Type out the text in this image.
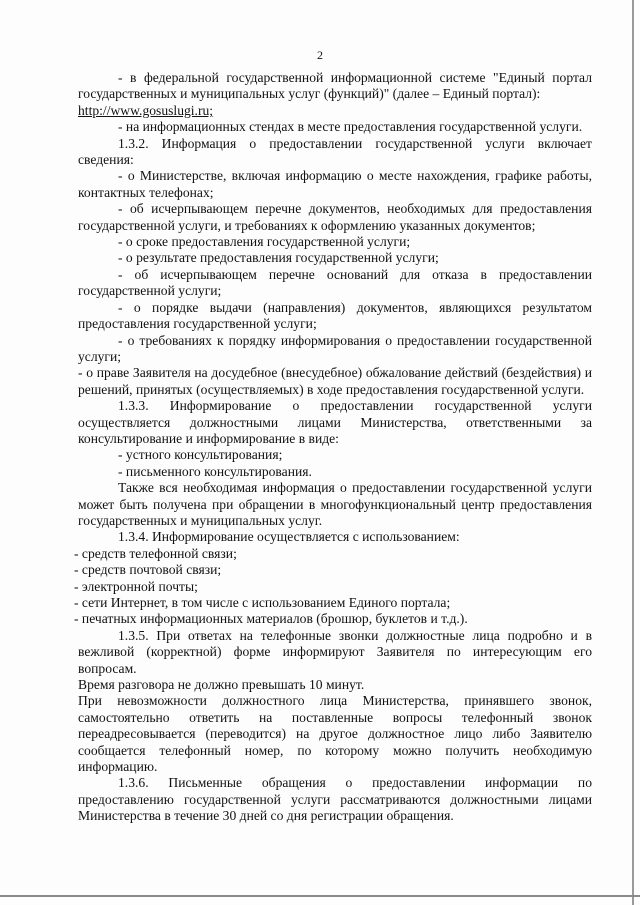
2

- в федеральной государственной информационной системе "Единый портал государственных и муниципальных услуг (функций)" (далее – Единый портал):

http://www.gosuslugi.ru;

- на информационных стендах в месте предоставления государственной услуги.

1.3.2. Информация о предоставлении государственной услуги включает сведения:

- о Министерстве, включая информацию о месте нахождения, графике работы, контактных телефонах;

- об исчерпывающем перечне документов, необходимых для предоставления государственной услуги, и требованиях к оформлению указанных документов;

- о сроке предоставления государственной услуги;

- о результате предоставления государственной услуги;

- об исчерпывающем перечне оснований для отказа в предоставлении государственной услуги;

- о порядке выдачи (направления) документов, являющихся результатом предоставления государственной услуги;

- о требованиях к порядку информирования о предоставлении государственной услуги;

- о праве Заявителя на досудебное (внесудебное) обжалование действий (бездействия) и решений, принятых (осуществляемых) в ходе предоставления государственной услуги.

1.3.3. Информирование о предоставлении государственной услуги осуществляется должностными лицами Министерства, ответственными за консультирование и информирование в виде:

- устного консультирования;

- письменного консультирования.

Также вся необходимая информация о предоставлении государственной услуги может быть получена при обращении в многофункциональный центр предоставления государственных и муниципальных услуг.

1.3.4. Информирование осуществляется с использованием:

- средств телефонной связи;

- средств почтовой связи;

- электронной почты;

- сети Интернет, в том числе с использованием Единого портала;

- печатных информационных материалов (брошюр, буклетов и т.д.).

1.3.5. При ответах на телефонные звонки должностные лица подробно и в вежливой (корректной) форме информируют Заявителя по интересующим его вопросам.

Время разговора не должно превышать 10 минут.

При невозможности должностного лица Министерства, принявшего звонок, самостоятельно ответить на поставленные вопросы телефонный звонок переадресовывается (переводится) на другое должностное лицо либо Заявителю сообщается телефонный номер, по которому можно получить необходимую информацию.

1.3.6. Письменные обращения о предоставлении информации по предоставлению государственной услуги рассматриваются должностными лицами Министерства в течение 30 дней со дня регистрации обращения.
